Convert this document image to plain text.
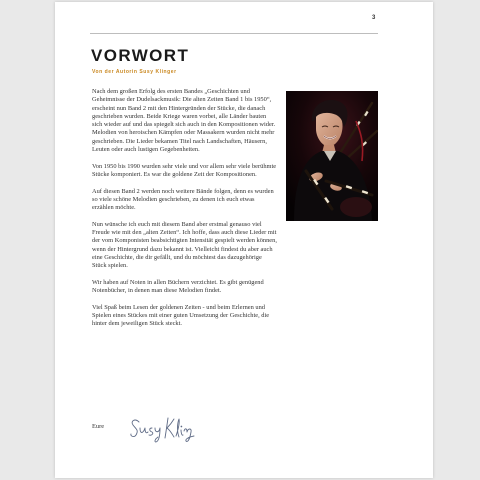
3
VORWORT
Von der Autorin Susy Klinger

Nach dem großen Erfolg des ersten Bandes „Geschichten und Geheimnisse der Dudelsackmusik: Die alten Zeiten Band 1 bis 1950“, erscheint nun Band 2 mit den Hintergründen der Stücke, die danach geschrieben wurden. Beide Kriege waren vorbei, alle Länder bauten sich wieder auf und das spiegelt sich auch in den Kompositionen wider. Melodien von heroischen Kämpfen oder Massakern wurden nicht mehr geschrieben. Die Lieder bekamen Titel nach Landschaften, Häusern, Leuten oder auch lustigen Gegebenheiten.

Von 1950 bis 1990 wurden sehr viele und vor allem sehr viele berühmte Stücke komponiert. Es war die goldene Zeit der Kompositionen.

Auf diesen Band 2 werden noch weitere Bände folgen, denn es wurden so viele schöne Melodien geschrieben, zu denen ich euch etwas erzählen möchte.

Nun wünsche ich euch mit diesem Band aber erstmal genauso viel Freude wie mit den „alten Zeiten“. Ich hoffe, dass auch diese Lieder mit der vom Komponisten beabsichtigten Intensität gespielt werden können, wenn der Hintergrund dazu bekannt ist. Vielleicht findest du aber auch eine Geschichte, die dir gefällt, und du möchtest das dazugehörige Stück spielen.

Wir haben auf Noten in allen Büchern verzichtet. Es gibt genügend Notenbücher, in denen man diese Melodien findet.

Viel Spaß beim Lesen der goldenen Zeiten - und beim Erlernen und Spielen eines Stückes mit einer guten Umsetzung der Geschichte, die hinter dem jeweiligen Stück steckt.

Eure
